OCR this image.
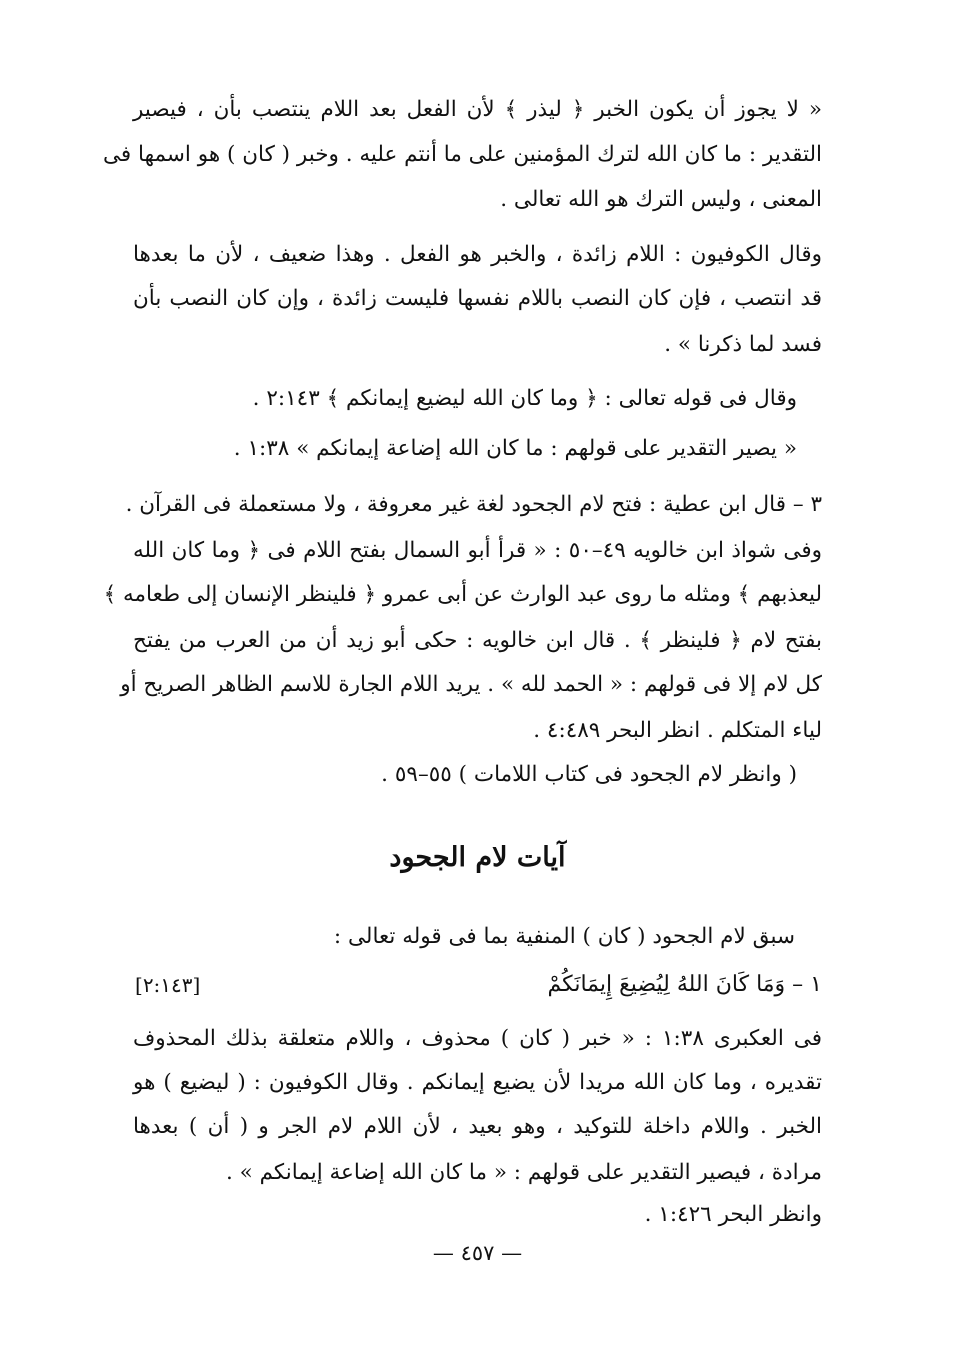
« لا يجوز أن يكون الخبر ﴿ ليذر ﴾ لأن الفعل بعد اللام ينتصب بأن ، فيصير
التقدير : ما كان الله لترك المؤمنين على ما أنتم عليه . وخبر ( كان ) هو اسمها فى
المعنى ، وليس الترك هو الله تعالى .
وقال الكوفيون : اللام زائدة ، والخبر هو الفعل . وهذا ضعيف ، لأن ما بعدها
قد انتصب ، فإن كان النصب باللام نفسها فليست زائدة ، وإن كان النصب بأن
فسد لما ذكرنا » .
وقال فى قوله تعالى : ﴿ وما كان الله ليضيع إيمانكم ﴾ ٢:١٤٣ .
« يصير التقدير على قولهم : ما كان الله إضاعة إيمانكم » ١:٣٨ .
٣ – قال ابن عطية : فتح لام الجحود لغة غير معروفة ، ولا مستعملة فى القرآن .
وفى شواذ ابن خالويه ٤٩–٥٠ : « قرأ أبو السمال بفتح اللام فى ﴿ وما كان الله
ليعذبهم ﴾ ومثله ما روى عبد الوارث عن أبى عمرو ﴿ فلينظر الإنسان إلى طعامه ﴾
بفتح لام ﴿ فلينظر ﴾ . قال ابن خالويه : حكى أبو زيد أن من العرب من يفتح
كل لام إلا فى قولهم : « الحمد لله » . يريد اللام الجارة للاسم الظاهر الصريح أو
لياء المتكلم . انظر البحر ٤:٤٨٩ .
( وانظر لام الجحود فى كتاب اللامات ) ٥٥–٥٩ .
آيات لام الجحود
سبق لام الجحود ( كان ) المنفية بما فى قوله تعالى :
١ – وَمَا كَانَ اللهُ لِيُضِيعَ إِيمَانَكُمْ
[٢:١٤٣]
فى العكبرى ١:٣٨ : « خبر ( كان ) محذوف ، واللام متعلقة بذلك المحذوف
تقديره ، وما كان الله مريدا لأن يضيع إيمانكم . وقال الكوفيون : ( ليضيع ) هو
الخبر . واللام داخلة للتوكيد ، وهو بعيد ، لأن اللام لام الجر و ( أن ) بعدها
مرادة ، فيصير التقدير على قولهم : « ما كان الله إضاعة إيمانكم » .
وانظر البحر ١:٤٢٦ .
— ٤٥٧ —
